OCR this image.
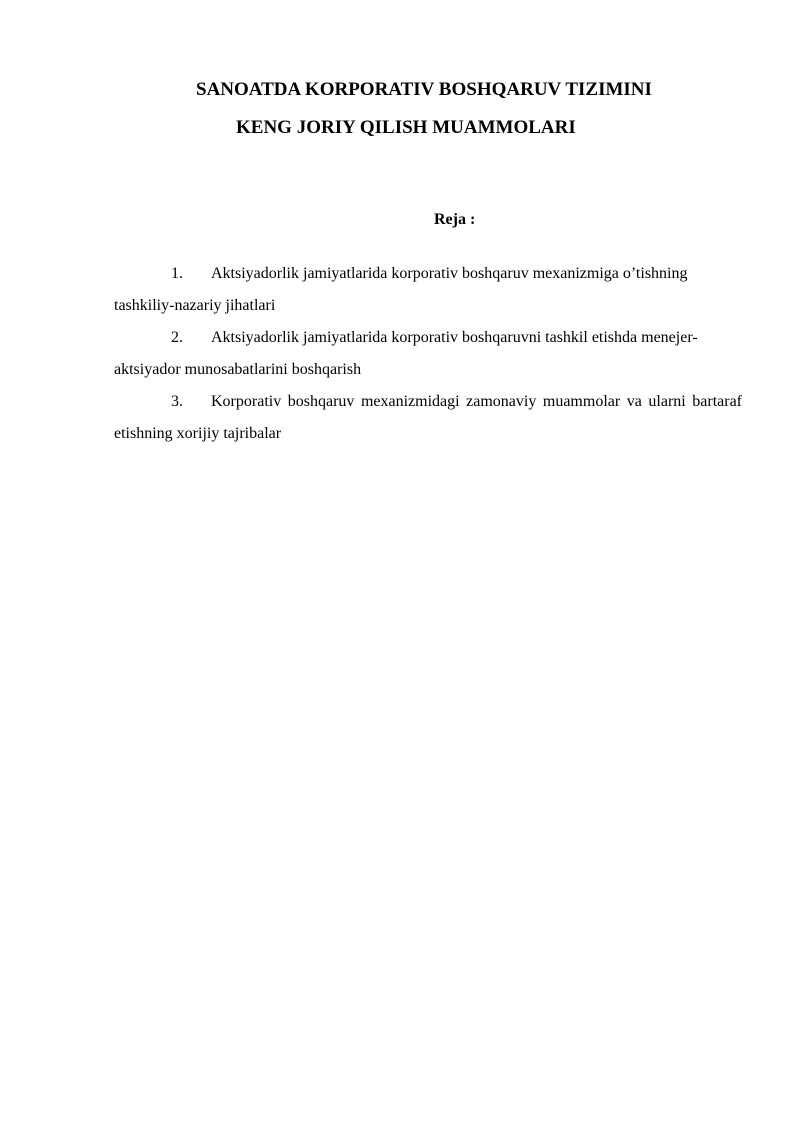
SANOATDA KORPORATIV BOSHQARUV TIZIMINI
KENG JORIY QILISH MUAMMOLARI
Reja :
1. Aktsiyadorlik jamiyatlarida korporativ boshqaruv mexanizmiga o’tishning tashkiliy-nazariy jihatlari
2. Aktsiyadorlik jamiyatlarida korporativ boshqaruvni tashkil etishda menejer-aktsiyador munosabatlarini boshqarish
3. Korporativ boshqaruv mexanizmidagi zamonaviy muammolar va ularni bartaraf etishning xorijiy tajribalar
